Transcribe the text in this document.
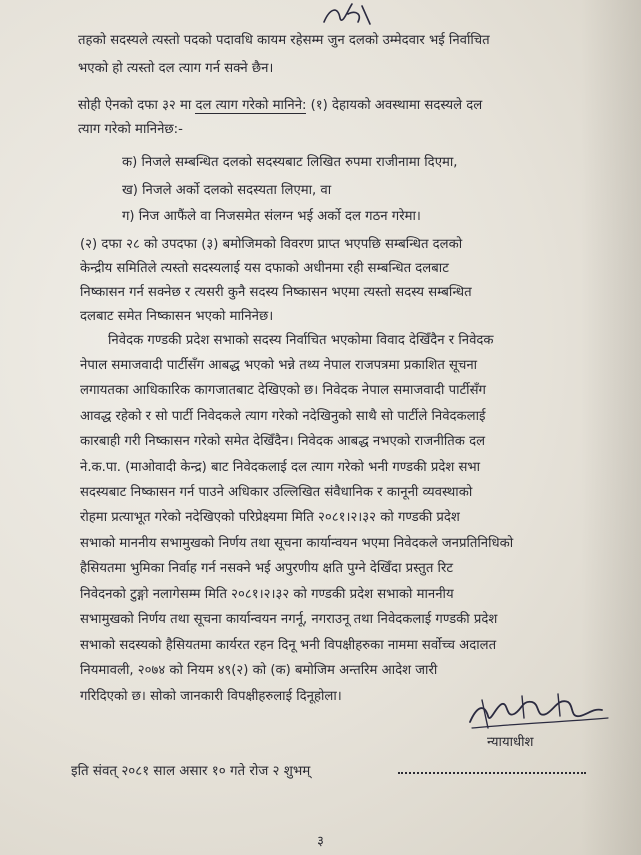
तहको सदस्यले त्यस्तो पदको पदावधि कायम रहेसम्म जुन दलको उम्मेदवार भई निर्वाचित
भएको हो त्यस्तो दल त्याग गर्न सक्ने छैन।
सोही ऐनको दफा ३२ मा दल त्याग गरेको मानिने: (१) देहायको अवस्थामा सदस्यले दल
त्याग गरेको मानिनेछ:-
क) निजले सम्बन्धित दलको सदस्यबाट लिखित रुपमा राजीनामा दिएमा,
ख) निजले अर्को दलको सदस्यता लिएमा, वा
ग) निज आफैंले वा निजसमेत संलग्न भई अर्को दल गठन गरेमा।
(२) दफा २८ को उपदफा (३) बमोजिमको विवरण प्राप्त भएपछि सम्बन्धित दलको
केन्द्रीय समितिले त्यस्तो सदस्यलाई यस दफाको अधीनमा रही सम्बन्धित दलबाट
निष्कासन गर्न सक्नेछ र त्यसरी कुनै सदस्य निष्कासन भएमा त्यस्तो सदस्य सम्बन्धित
दलबाट समेत निष्कासन भएको मानिनेछ।
निवेदक गण्डकी प्रदेश सभाको सदस्य निर्वाचित भएकोमा विवाद देखिँदैन र निवेदक
नेपाल समाजवादी पार्टीसँग आबद्ध भएको भन्ने तथ्य नेपाल राजपत्रमा प्रकाशित सूचना
लगायतका आधिकारिक कागजातबाट देखिएको छ। निवेदक नेपाल समाजवादी पार्टीसँग
आवद्ध रहेको र सो पार्टी निवेदकले त्याग गरेको नदेखिनुको साथै सो पार्टीले निवेदकलाई
कारबाही गरी निष्कासन गरेको समेत देखिँदैन। निवेदक आबद्ध नभएको राजनीतिक दल
ने.क.पा. (माओवादी केन्द्र) बाट निवेदकलाई दल त्याग गरेको भनी गण्डकी प्रदेश सभा
सदस्यबाट निष्कासन गर्न पाउने अधिकार उल्लिखित संवैधानिक र कानूनी व्यवस्थाको
रोहमा प्रत्याभूत गरेको नदेखिएको परिप्रेक्ष्यमा मिति २०८१।२।३२ को गण्डकी प्रदेश
सभाको माननीय सभामुखको निर्णय तथा सूचना कार्यान्वयन भएमा निवेदकले जनप्रतिनिधिको
हैसियतमा भुमिका निर्वाह गर्न नसक्ने भई अपुरणीय क्षति पुग्ने देखिँदा प्रस्तुत रिट
निवेदनको टुङ्गो नलागेसम्म मिति २०८१।२।३२ को गण्डकी प्रदेश सभाको माननीय
सभामुखको निर्णय तथा सूचना कार्यान्वयन नगर्नू, नगराउनू तथा निवेदकलाई गण्डकी प्रदेश
सभाको सदस्यको हैसियतमा कार्यरत रहन दिनू भनी विपक्षीहरुका नाममा सर्वोच्च अदालत
नियमावली, २०७४ को नियम ४९(२) को (क) बमोजिम अन्तरिम आदेश जारी
गरिदिएको छ। सोको जानकारी विपक्षीहरुलाई दिनूहोला।
न्यायाधीश
इति संवत् २०८१ साल असार १० गते रोज २ शुभम्
३
